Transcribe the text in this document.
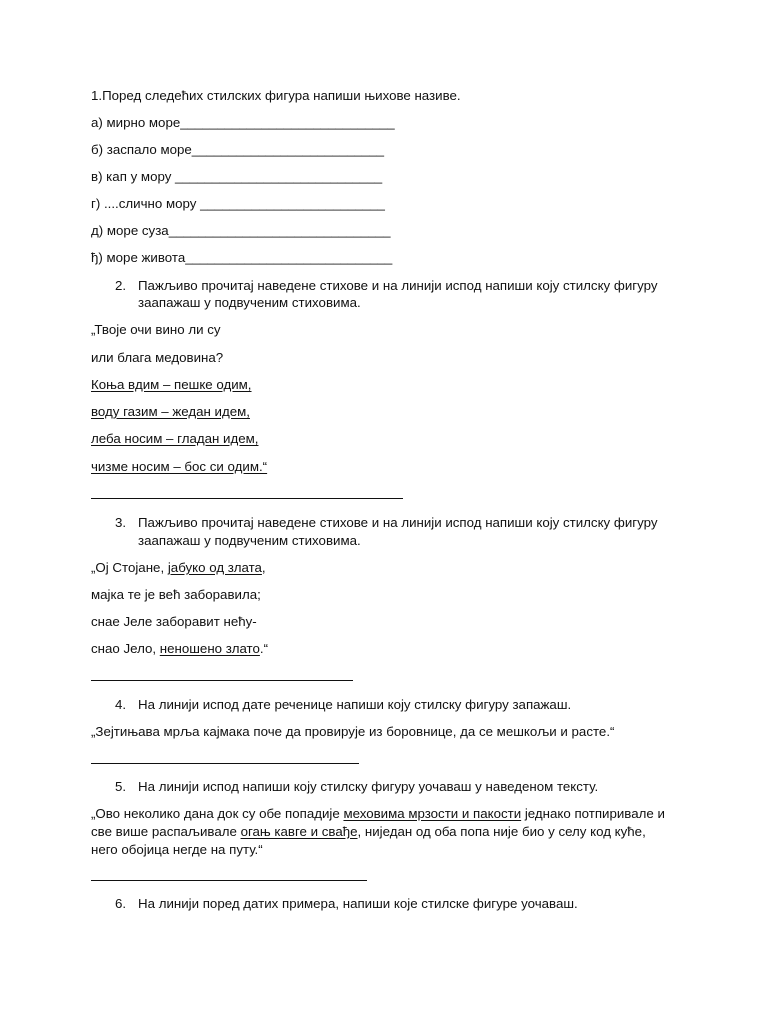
1.Поред следећих стилских фигура напиши њихове називе.
а) мирно море_____________________________
б) заспало море__________________________
в) кап у мору ____________________________
г) ....слично мору _________________________
д) море суза______________________________
ђ) море живота____________________________
2. Пажљиво прочитај наведене стихове и на линији испод напиши коју стилску фигуру
заапажаш у подвученим стиховима.
„Твоје очи вино ли су
или блага медовина?
Коња вдим – пешке одим,
воду газим – жедан идем,
леба носим – гладан идем,
чизме носим – бос си одим.“
3. Пажљиво прочитај наведене стихове и на линији испод напиши коју стилску фигуру
заапажаш у подвученим стиховима.
„Ој Стојане, јабуко од злата,
мајка те је већ заборавила;
снае Јеле заборавит нећу-
снао Јело, неношено злато.“
4. На линији испод дате реченице напиши коју стилску фигуру запажаш.
„Зејтињава мрља кајмака поче да провирује из боровнице, да се мешкољи и расте.“
5. На линији испод напиши коју стилску фигуру уочаваш у наведеном тексту.
„Ово неколико дана док су обе попадије меховима мрзости и пакости једнако потпиривале и све више распаљивале огањ кавге и свађе, ниједан од оба попа није био у селу код куће, него обојица негде на путу.“
6. На линији поред датих примера, напиши које стилске фигуре уочаваш.
